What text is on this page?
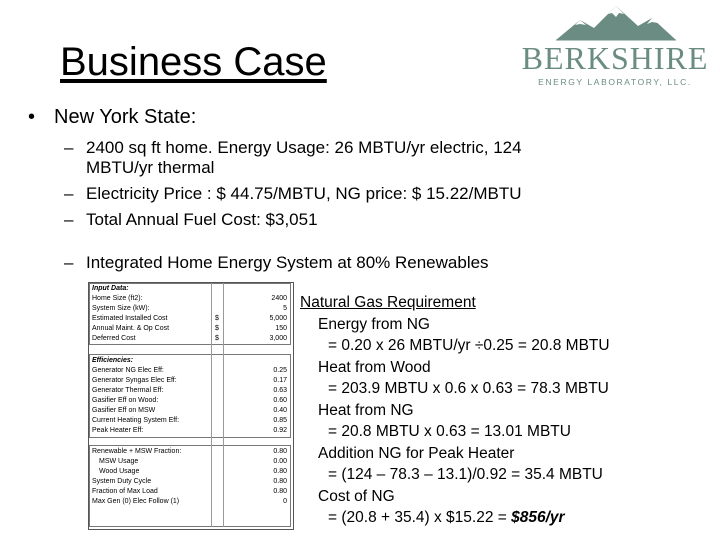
Business Case	BERKSHIRE
ENERGY LABORATORY, LLC.
• New York State:
– 2400 sq ft home. Energy Usage: 26 MBTU/yr electric, 124
MBTU/yr thermal
– Electricity Price : $ 44.75/MBTU, NG price: $ 15.22/MBTU
– Total Annual Fuel Cost: $3,051
– Integrated Home Energy System at 80% Renewables
Input Data:
Home Size (ft2):	2400
System Size (kW):	5
Estimated Installed Cost	$	5,000
Annual Maint. & Op Cost	$	150
Deferred Cost	$	3,000
Efficiencies:
Generator NG Elec Eff:	0.25
Generator Syngas Elec Eff:	0.17
Generator Thermal Eff:	0.63
Gasifier Eff on Wood:	0.60
Gasifier Eff on MSW	0.40
Current Heating System Eff:	0.85
Peak Heater Eff:	0.92
Renewable + MSW Fraction:	0.80
MSW Usage	0.00
Wood Usage	0.80
System Duty Cycle	0.80
Fraction of Max Load	0.80
Max Gen (0) Elec Follow (1)	0
Natural Gas Requirement
Energy from NG
= 0.20 x 26 MBTU/yr ÷0.25 = 20.8 MBTU
Heat from Wood
= 203.9 MBTU x 0.6 x 0.63 = 78.3 MBTU
Heat from NG
= 20.8 MBTU x 0.63 = 13.01 MBTU
Addition NG for Peak Heater
= (124 – 78.3 – 13.1)/0.92 = 35.4 MBTU
Cost of NG
= (20.8 + 35.4) x $15.22 = $856/yr
